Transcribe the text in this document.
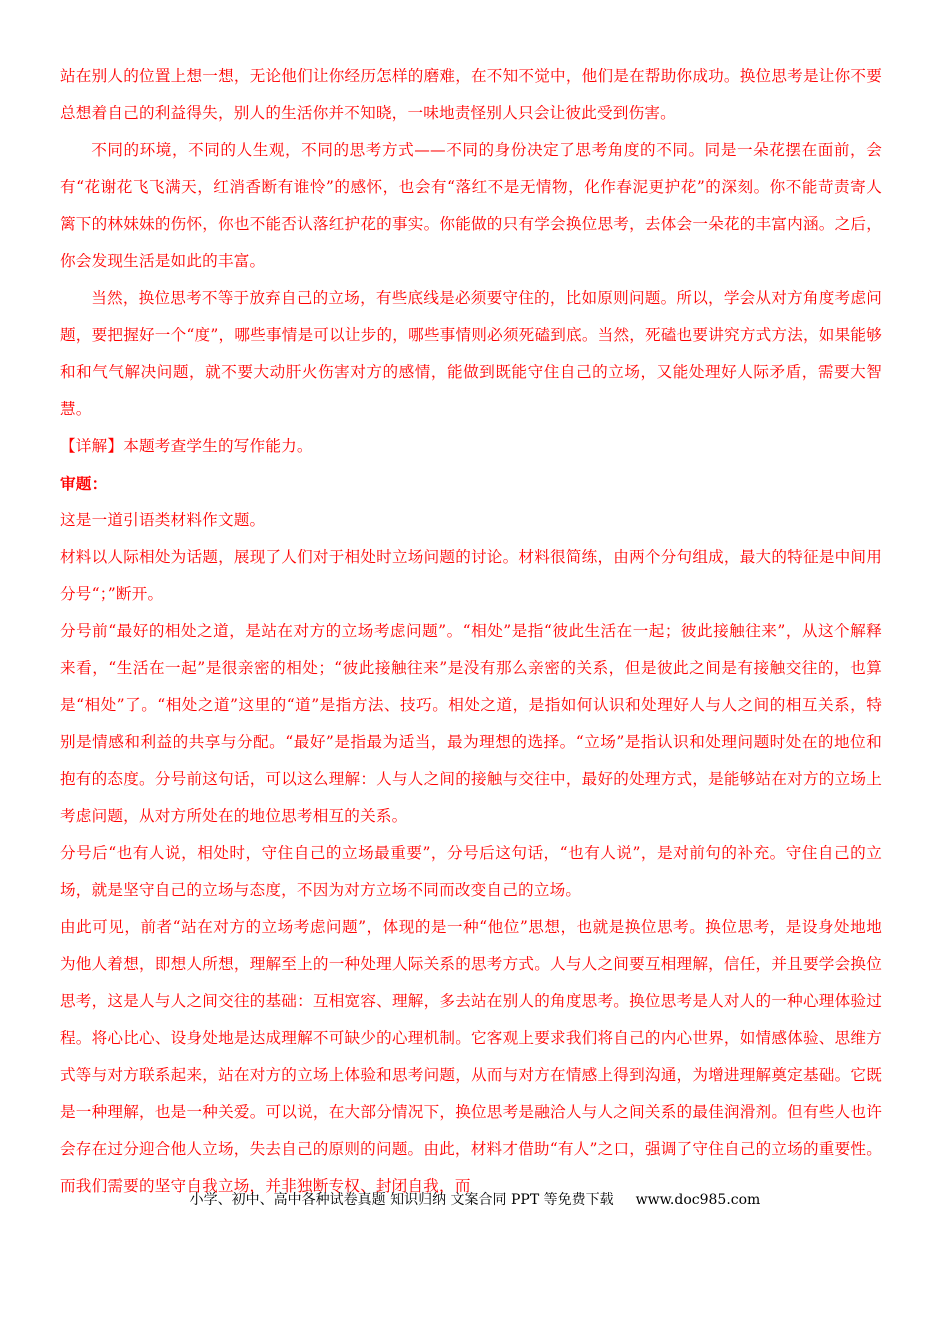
站在别人的位置上想一想，无论他们让你经历怎样的磨难，在不知不觉中，他们是在帮助你成功。换位思考是让你不要总想着自己的利益得失，别人的生活你并不知晓，一味地责怪别人只会让彼此受到伤害。

不同的环境，不同的人生观，不同的思考方式——不同的身份决定了思考角度的不同。同是一朵花摆在面前，会有“花谢花飞飞满天，红消香断有谁怜”的感怀，也会有“落红不是无情物，化作春泥更护花”的深刻。你不能苛责寄人篱下的林妹妹的伤怀，你也不能否认落红护花的事实。你能做的只有学会换位思考，去体会一朵花的丰富内涵。之后，你会发现生活是如此的丰富。

当然，换位思考不等于放弃自己的立场，有些底线是必须要守住的，比如原则问题。所以，学会从对方角度考虑问题，要把握好一个“度”，哪些事情是可以让步的，哪些事情则必须死磕到底。当然，死磕也要讲究方式方法，如果能够和和气气解决问题，就不要大动肝火伤害对方的感情，能做到既能守住自己的立场，又能处理好人际矛盾，需要大智慧。

【详解】本题考查学生的写作能力。

审题：

这是一道引语类材料作文题。

材料以人际相处为话题，展现了人们对于相处时立场问题的讨论。材料很简练，由两个分句组成，最大的特征是中间用分号“；”断开。

分号前“最好的相处之道，是站在对方的立场考虑问题”。“相处”是指“彼此生活在一起；彼此接触往来”，从这个解释来看，“生活在一起”是很亲密的相处；“彼此接触往来”是没有那么亲密的关系，但是彼此之间是有接触交往的，也算是“相处”了。“相处之道”这里的“道”是指方法、技巧。相处之道，是指如何认识和处理好人与人之间的相互关系，特别是情感和利益的共享与分配。“最好”是指最为适当，最为理想的选择。“立场”是指认识和处理问题时处在的地位和抱有的态度。分号前这句话，可以这么理解：人与人之间的接触与交往中，最好的处理方式，是能够站在对方的立场上考虑问题，从对方所处在的地位思考相互的关系。

分号后“也有人说，相处时，守住自己的立场最重要”，分号后这句话，“也有人说”，是对前句的补充。守住自己的立场，就是坚守自己的立场与态度，不因为对方立场不同而改变自己的立场。

由此可见，前者“站在对方的立场考虑问题”，体现的是一种“他位”思想，也就是换位思考。换位思考，是设身处地地为他人着想，即想人所想，理解至上的一种处理人际关系的思考方式。人与人之间要互相理解，信任，并且要学会换位思考，这是人与人之间交往的基础：互相宽容、理解，多去站在别人的角度思考。换位思考是人对人的一种心理体验过程。将心比心、设身处地是达成理解不可缺少的心理机制。它客观上要求我们将自己的内心世界，如情感体验、思维方式等与对方联系起来，站在对方的立场上体验和思考问题，从而与对方在情感上得到沟通，为增进理解奠定基础。它既是一种理解，也是一种关爱。可以说，在大部分情况下，换位思考是融洽人与人之间关系的最佳润滑剂。但有些人也许会存在过分迎合他人立场，失去自己的原则的问题。由此，材料才借助“有人”之口，强调了守住自己的立场的重要性。而我们需要的坚守自我立场，并非独断专权、封闭自我，而

小学、初中、高中各种试卷真题 知识归纳 文案合同 PPT 等免费下载 www.doc985.com
